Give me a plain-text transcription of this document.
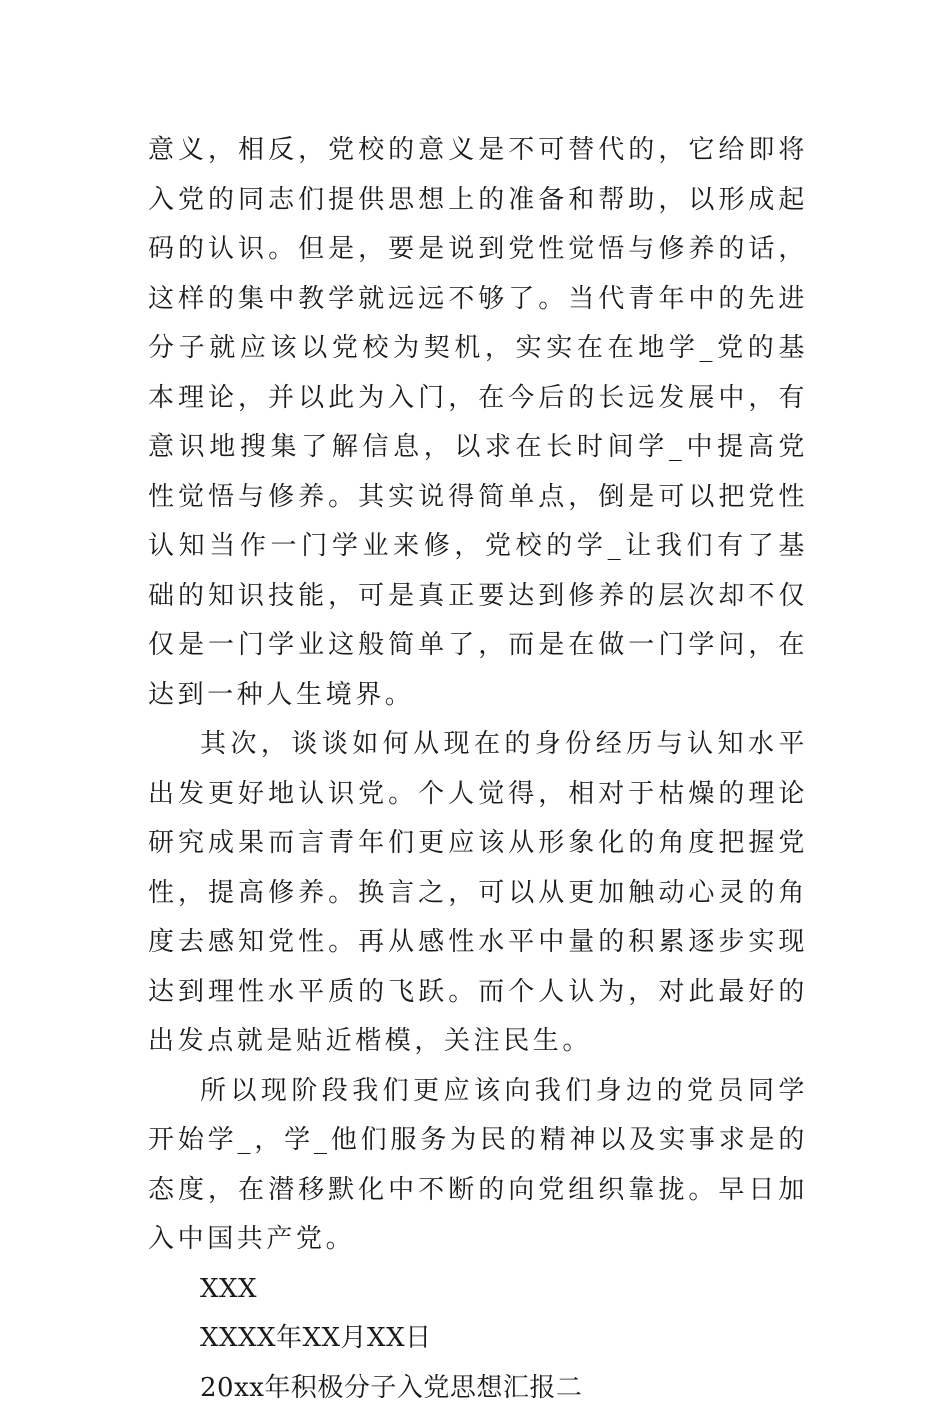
意义，相反，党校的意义是不可替代的，它给即将入党的同志们提供思想上的准备和帮助，以形成起码的认识。但是，要是说到党性觉悟与修养的话，这样的集中教学就远远不够了。当代青年中的先进分子就应该以党校为契机，实实在在地学_党的基本理论，并以此为入门，在今后的长远发展中，有意识地搜集了解信息，以求在长时间学_中提高党性觉悟与修养。其实说得简单点，倒是可以把党性认知当作一门学业来修，党校的学_让我们有了基础的知识技能，可是真正要达到修养的层次却不仅仅是一门学业这般简单了，而是在做一门学问，在达到一种人生境界。

其次，谈谈如何从现在的身份经历与认知水平出发更好地认识党。个人觉得，相对于枯燥的理论研究成果而言青年们更应该从形象化的角度把握党性，提高修养。换言之，可以从更加触动心灵的角度去感知党性。再从感性水平中量的积累逐步实现达到理性水平质的飞跃。而个人认为，对此最好的出发点就是贴近楷模，关注民生。

所以现阶段我们更应该向我们身边的党员同学开始学_，学_他们服务为民的精神以及实事求是的态度，在潜移默化中不断的向党组织靠拢。早日加入中国共产党。

XXX

XXXX年XX月XX日

20xx年积极分子入党思想汇报二
